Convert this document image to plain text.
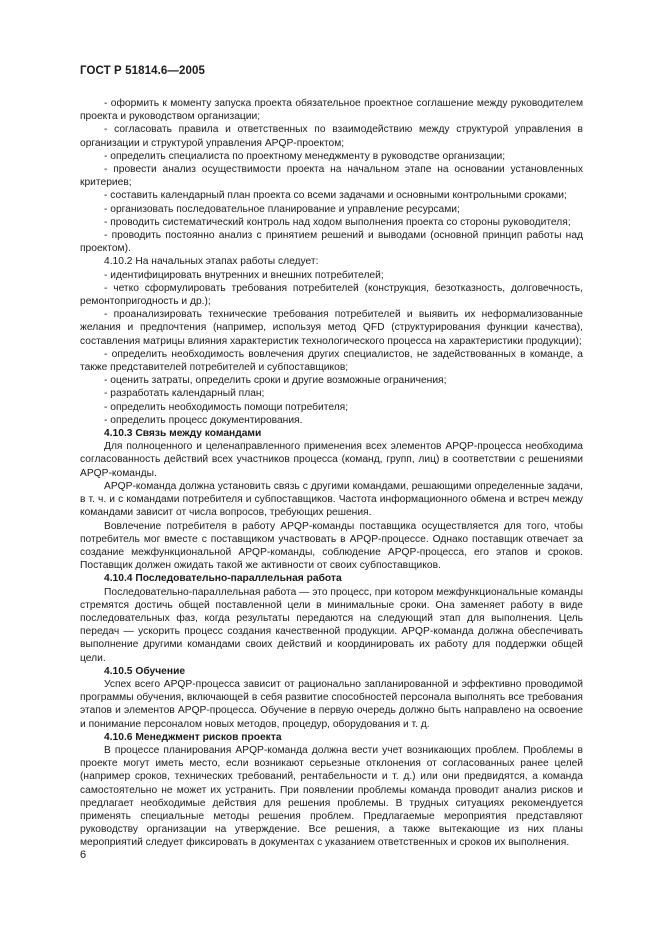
ГОСТ Р 51814.6—2005

- оформить к моменту запуска проекта обязательное проектное соглашение между руководителем проекта и руководством организации;

- согласовать правила и ответственных по взаимодействию между структурой управления в организации и структурой управления APQP-проектом;

- определить специалиста по проектному менеджменту в руководстве организации;

- провести анализ осуществимости проекта на начальном этапе на основании установленных критериев;

- составить календарный план проекта со всеми задачами и основными контрольными сроками;

- организовать последовательное планирование и управление ресурсами;

- проводить систематический контроль над ходом выполнения проекта со стороны руководителя;

- проводить постоянно анализ с принятием решений и выводами (основной принцип работы над проектом).

4.10.2 На начальных этапах работы следует:

- идентифицировать внутренних и внешних потребителей;

- четко сформулировать требования потребителей (конструкция, безотказность, долговечность, ремонтопригодность и др.);

- проанализировать технические требования потребителей и выявить их неформализованные желания и предпочтения (например, используя метод QFD (структурирования функции качества), составления матрицы влияния характеристик технологического процесса на характеристики продукции);

- определить необходимость вовлечения других специалистов, не задействованных в команде, а также представителей потребителей и субпоставщиков;

- оценить затраты, определить сроки и другие возможные ограничения;

- разработать календарный план;

- определить необходимость помощи потребителя;

- определить процесс документирования.

4.10.3 Связь между командами

Для полноценного и целенаправленного применения всех элементов APQP-процесса необходима согласованность действий всех участников процесса (команд, групп, лиц) в соответствии с решениями APQP-команды.

APQP-команда должна установить связь с другими командами, решающими определенные задачи, в т. ч. и с командами потребителя и субпоставщиков. Частота информационного обмена и встреч между командами зависит от числа вопросов, требующих решения.

Вовлечение потребителя в работу APQP-команды поставщика осуществляется для того, чтобы потребитель мог вместе с поставщиком участвовать в APQP-процессе. Однако поставщик отвечает за создание межфункциональной APQP-команды, соблюдение APQP-процесса, его этапов и сроков. Поставщик должен ожидать такой же активности от своих субпоставщиков.

4.10.4 Последовательно-параллельная работа

Последовательно-параллельная работа — это процесс, при котором межфункциональные команды стремятся достичь общей поставленной цели в минимальные сроки. Она заменяет работу в виде последовательных фаз, когда результаты передаются на следующий этап для выполнения. Цель передач — ускорить процесс создания качественной продукции. APQP-команда должна обеспечивать выполнение другими командами своих действий и координировать их работу для поддержки общей цели.

4.10.5 Обучение

Успех всего APQP-процесса зависит от рационально запланированной и эффективно проводимой программы обучения, включающей в себя развитие способностей персонала выполнять все требования этапов и элементов APQP-процесса. Обучение в первую очередь должно быть направлено на освоение и понимание персоналом новых методов, процедур, оборудования и т. д.

4.10.6 Менеджмент рисков проекта

В процессе планирования APQP-команда должна вести учет возникающих проблем. Проблемы в проекте могут иметь место, если возникают серьезные отклонения от согласованных ранее целей (например сроков, технических требований, рентабельности и т. д.) или они предвидятся, а команда самостоятельно не может их устранить. При появлении проблемы команда проводит анализ рисков и предлагает необходимые действия для решения проблемы. В трудных ситуациях рекомендуется применять специальные методы решения проблем. Предлагаемые мероприятия представляют руководству организации на утверждение. Все решения, а также вытекающие из них планы мероприятий следует фиксировать в документах с указанием ответственных и сроков их выполнения.

6
